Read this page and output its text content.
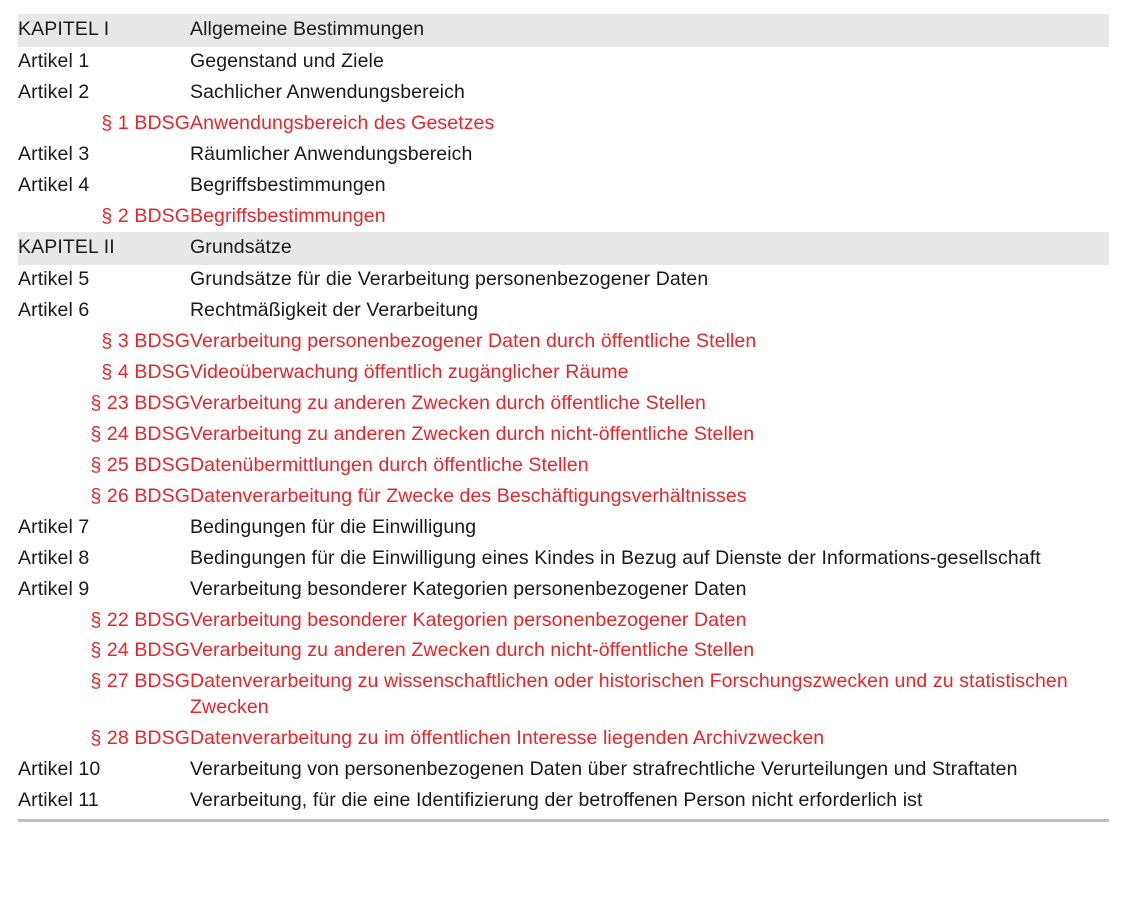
KAPITEL I	Allgemeine Bestimmungen
Artikel 1	Gegenstand und Ziele
Artikel 2	Sachlicher Anwendungsbereich
§ 1 BDSG	Anwendungsbereich des Gesetzes
Artikel 3	Räumlicher Anwendungsbereich
Artikel 4	Begriffsbestimmungen
§ 2 BDSG	Begriffsbestimmungen
KAPITEL II	Grundsätze
Artikel 5	Grundsätze für die Verarbeitung personenbezogener Daten
Artikel 6	Rechtmäßigkeit der Verarbeitung
§ 3 BDSG	Verarbeitung personenbezogener Daten durch öffentliche Stellen
§ 4 BDSG	Videoüberwachung öffentlich zugänglicher Räume
§ 23 BDSG	Verarbeitung zu anderen Zwecken durch öffentliche Stellen
§ 24 BDSG	Verarbeitung zu anderen Zwecken durch nicht-öffentliche Stellen
§ 25 BDSG	Datenübermittlungen durch öffentliche Stellen
§ 26 BDSG	Datenverarbeitung für Zwecke des Beschäftigungsverhältnisses
Artikel 7	Bedingungen für die Einwilligung
Artikel 8	Bedingungen für die Einwilligung eines Kindes in Bezug auf Dienste der Informations-gesellschaft
Artikel 9	Verarbeitung besonderer Kategorien personenbezogener Daten
§ 22 BDSG	Verarbeitung besonderer Kategorien personenbezogener Daten
§ 24 BDSG	Verarbeitung zu anderen Zwecken durch nicht-öffentliche Stellen
§ 27 BDSG	Datenverarbeitung zu wissenschaftlichen oder historischen Forschungszwecken und zu statistischen Zwecken
§ 28 BDSG	Datenverarbeitung zu im öffentlichen Interesse liegenden Archivzwecken
Artikel 10	Verarbeitung von personenbezogenen Daten über strafrechtliche Verurteilungen und Straftaten
Artikel 11	Verarbeitung, für die eine Identifizierung der betroffenen Person nicht erforderlich ist
